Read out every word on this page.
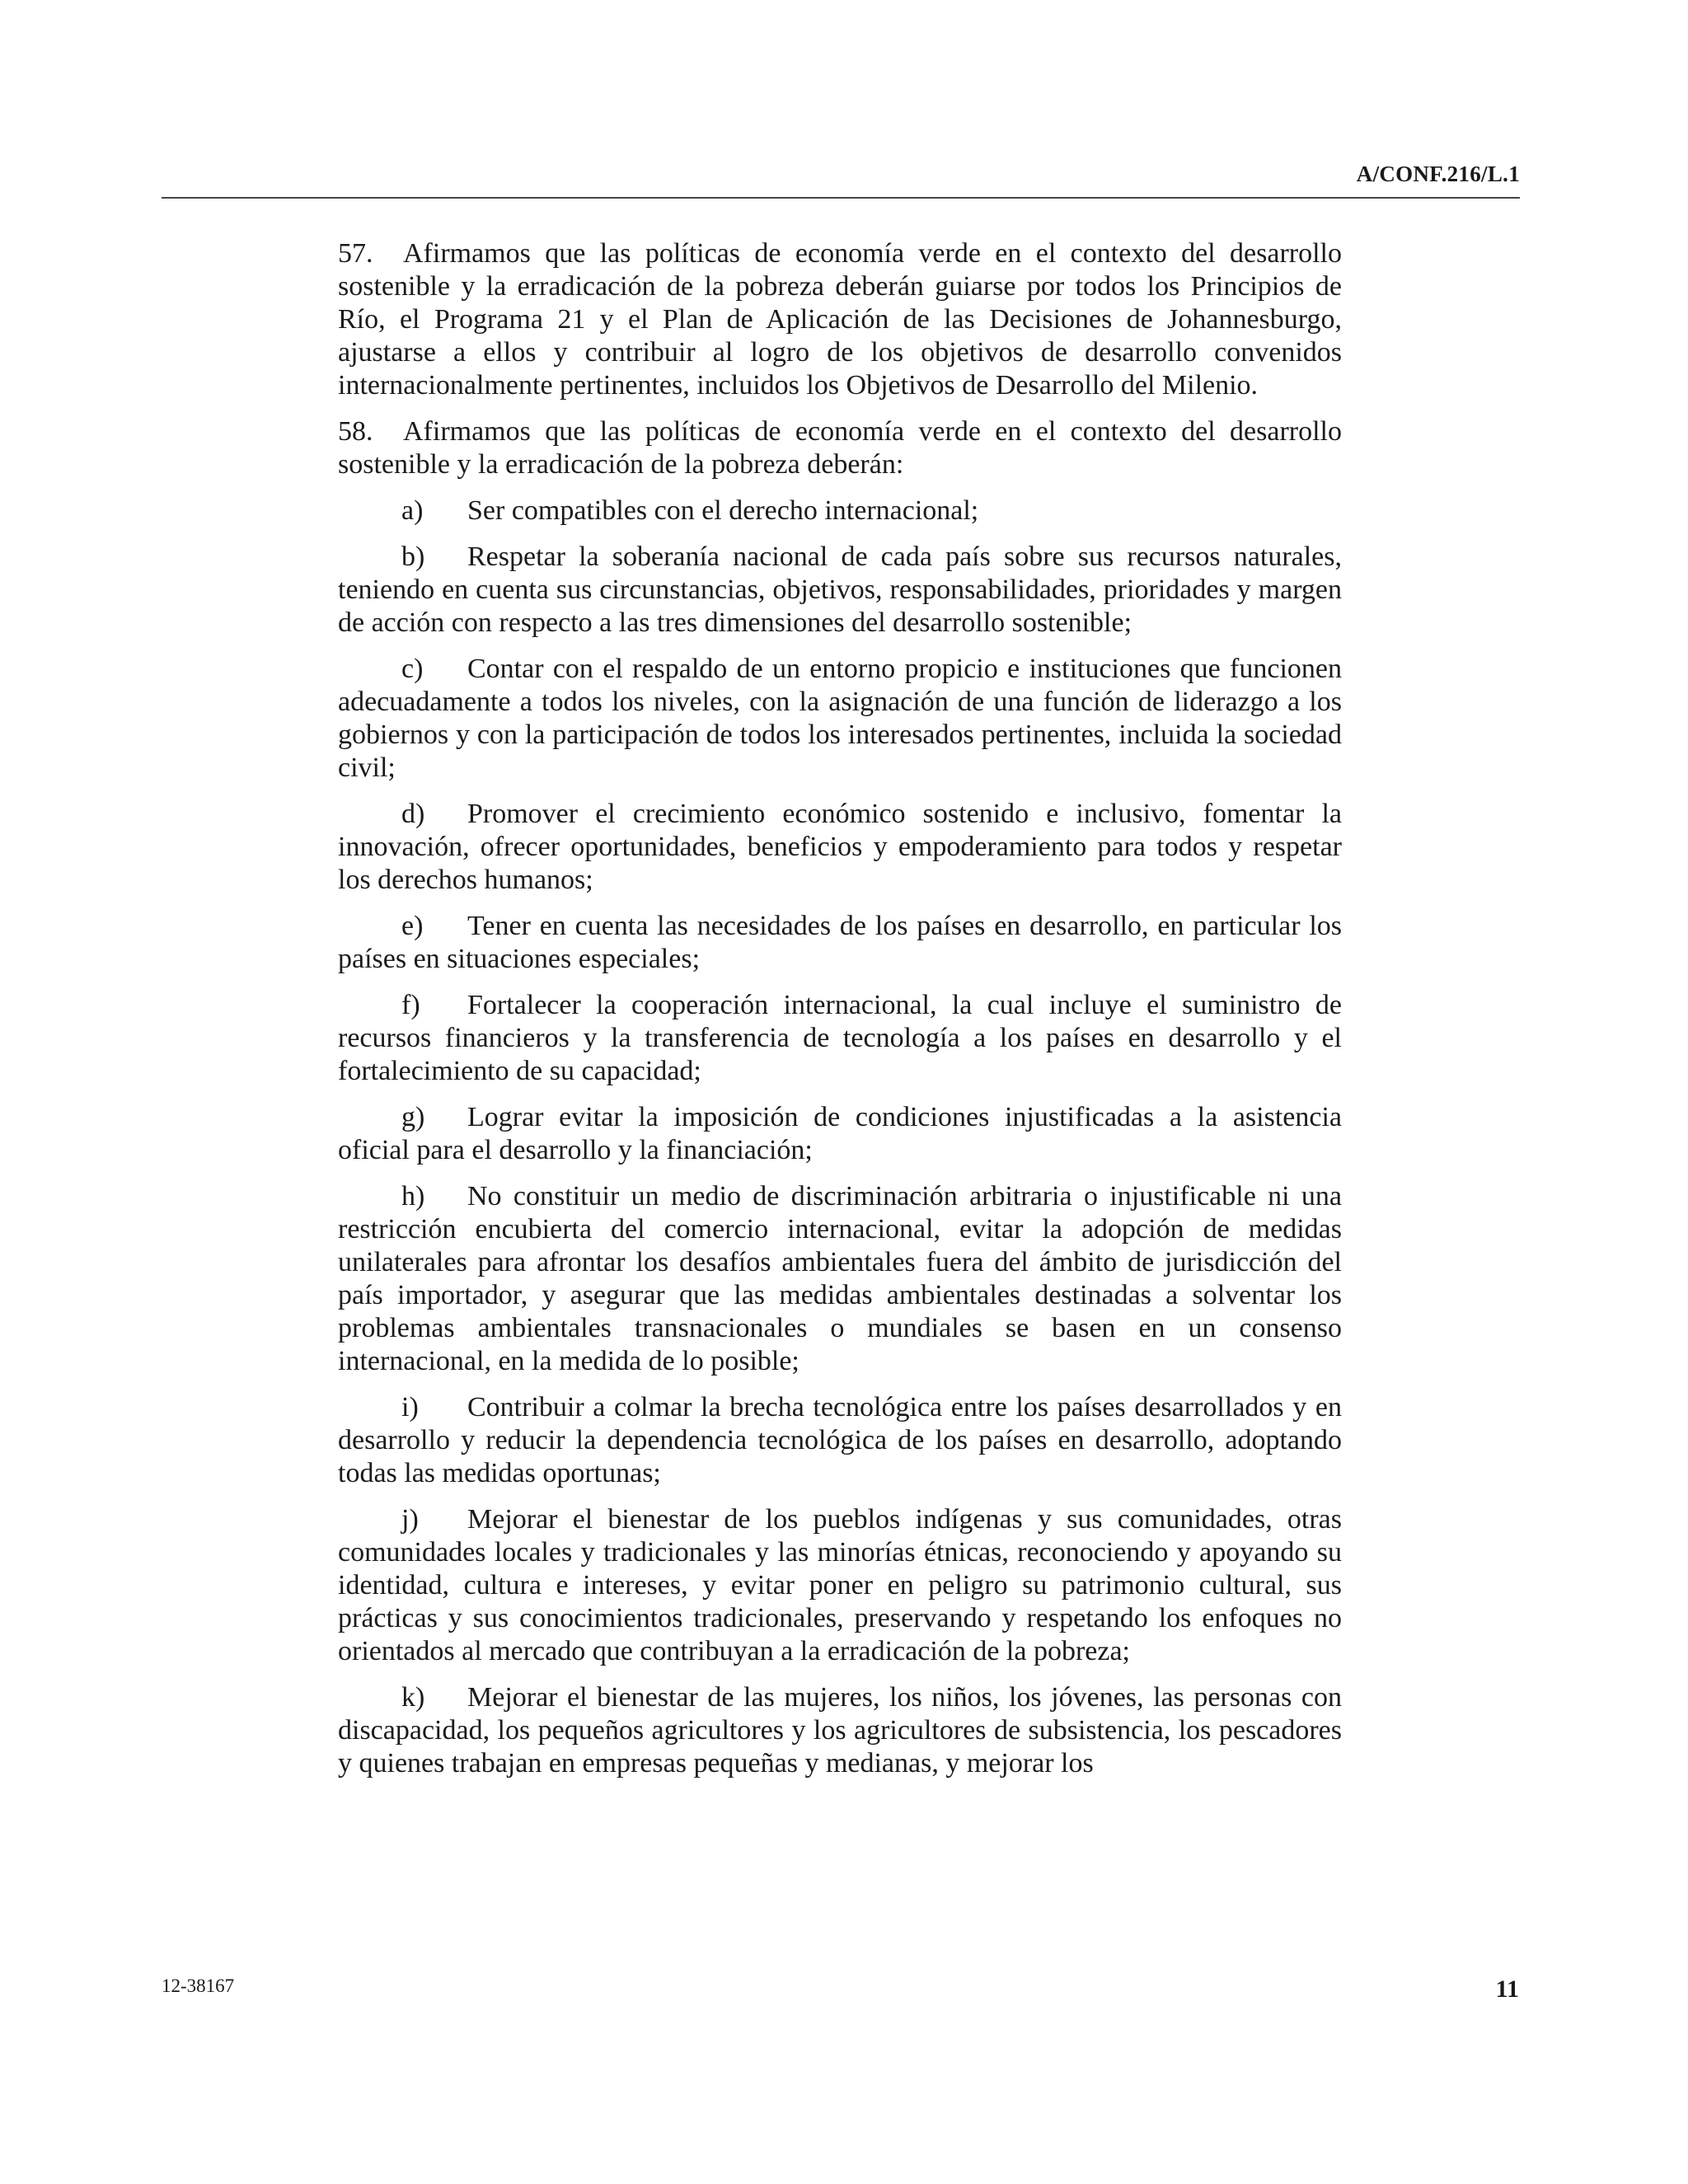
A/CONF.216/L.1

57. Afirmamos que las políticas de economía verde en el contexto del desarrollo sostenible y la erradicación de la pobreza deberán guiarse por todos los Principios de Río, el Programa 21 y el Plan de Aplicación de las Decisiones de Johannesburgo, ajustarse a ellos y contribuir al logro de los objetivos de desarrollo convenidos internacionalmente pertinentes, incluidos los Objetivos de Desarrollo del Milenio.

58. Afirmamos que las políticas de economía verde en el contexto del desarrollo sostenible y la erradicación de la pobreza deberán:

a) Ser compatibles con el derecho internacional;

b) Respetar la soberanía nacional de cada país sobre sus recursos naturales, teniendo en cuenta sus circunstancias, objetivos, responsabilidades, prioridades y margen de acción con respecto a las tres dimensiones del desarrollo sostenible;

c) Contar con el respaldo de un entorno propicio e instituciones que funcionen adecuadamente a todos los niveles, con la asignación de una función de liderazgo a los gobiernos y con la participación de todos los interesados pertinentes, incluida la sociedad civil;

d) Promover el crecimiento económico sostenido e inclusivo, fomentar la innovación, ofrecer oportunidades, beneficios y empoderamiento para todos y respetar los derechos humanos;

e) Tener en cuenta las necesidades de los países en desarrollo, en particular los países en situaciones especiales;

f) Fortalecer la cooperación internacional, la cual incluye el suministro de recursos financieros y la transferencia de tecnología a los países en desarrollo y el fortalecimiento de su capacidad;

g) Lograr evitar la imposición de condiciones injustificadas a la asistencia oficial para el desarrollo y la financiación;

h) No constituir un medio de discriminación arbitraria o injustificable ni una restricción encubierta del comercio internacional, evitar la adopción de medidas unilaterales para afrontar los desafíos ambientales fuera del ámbito de jurisdicción del país importador, y asegurar que las medidas ambientales destinadas a solventar los problemas ambientales transnacionales o mundiales se basen en un consenso internacional, en la medida de lo posible;

i) Contribuir a colmar la brecha tecnológica entre los países desarrollados y en desarrollo y reducir la dependencia tecnológica de los países en desarrollo, adoptando todas las medidas oportunas;

j) Mejorar el bienestar de los pueblos indígenas y sus comunidades, otras comunidades locales y tradicionales y las minorías étnicas, reconociendo y apoyando su identidad, cultura e intereses, y evitar poner en peligro su patrimonio cultural, sus prácticas y sus conocimientos tradicionales, preservando y respetando los enfoques no orientados al mercado que contribuyan a la erradicación de la pobreza;

k) Mejorar el bienestar de las mujeres, los niños, los jóvenes, las personas con discapacidad, los pequeños agricultores y los agricultores de subsistencia, los pescadores y quienes trabajan en empresas pequeñas y medianas, y mejorar los

12-38167	11
